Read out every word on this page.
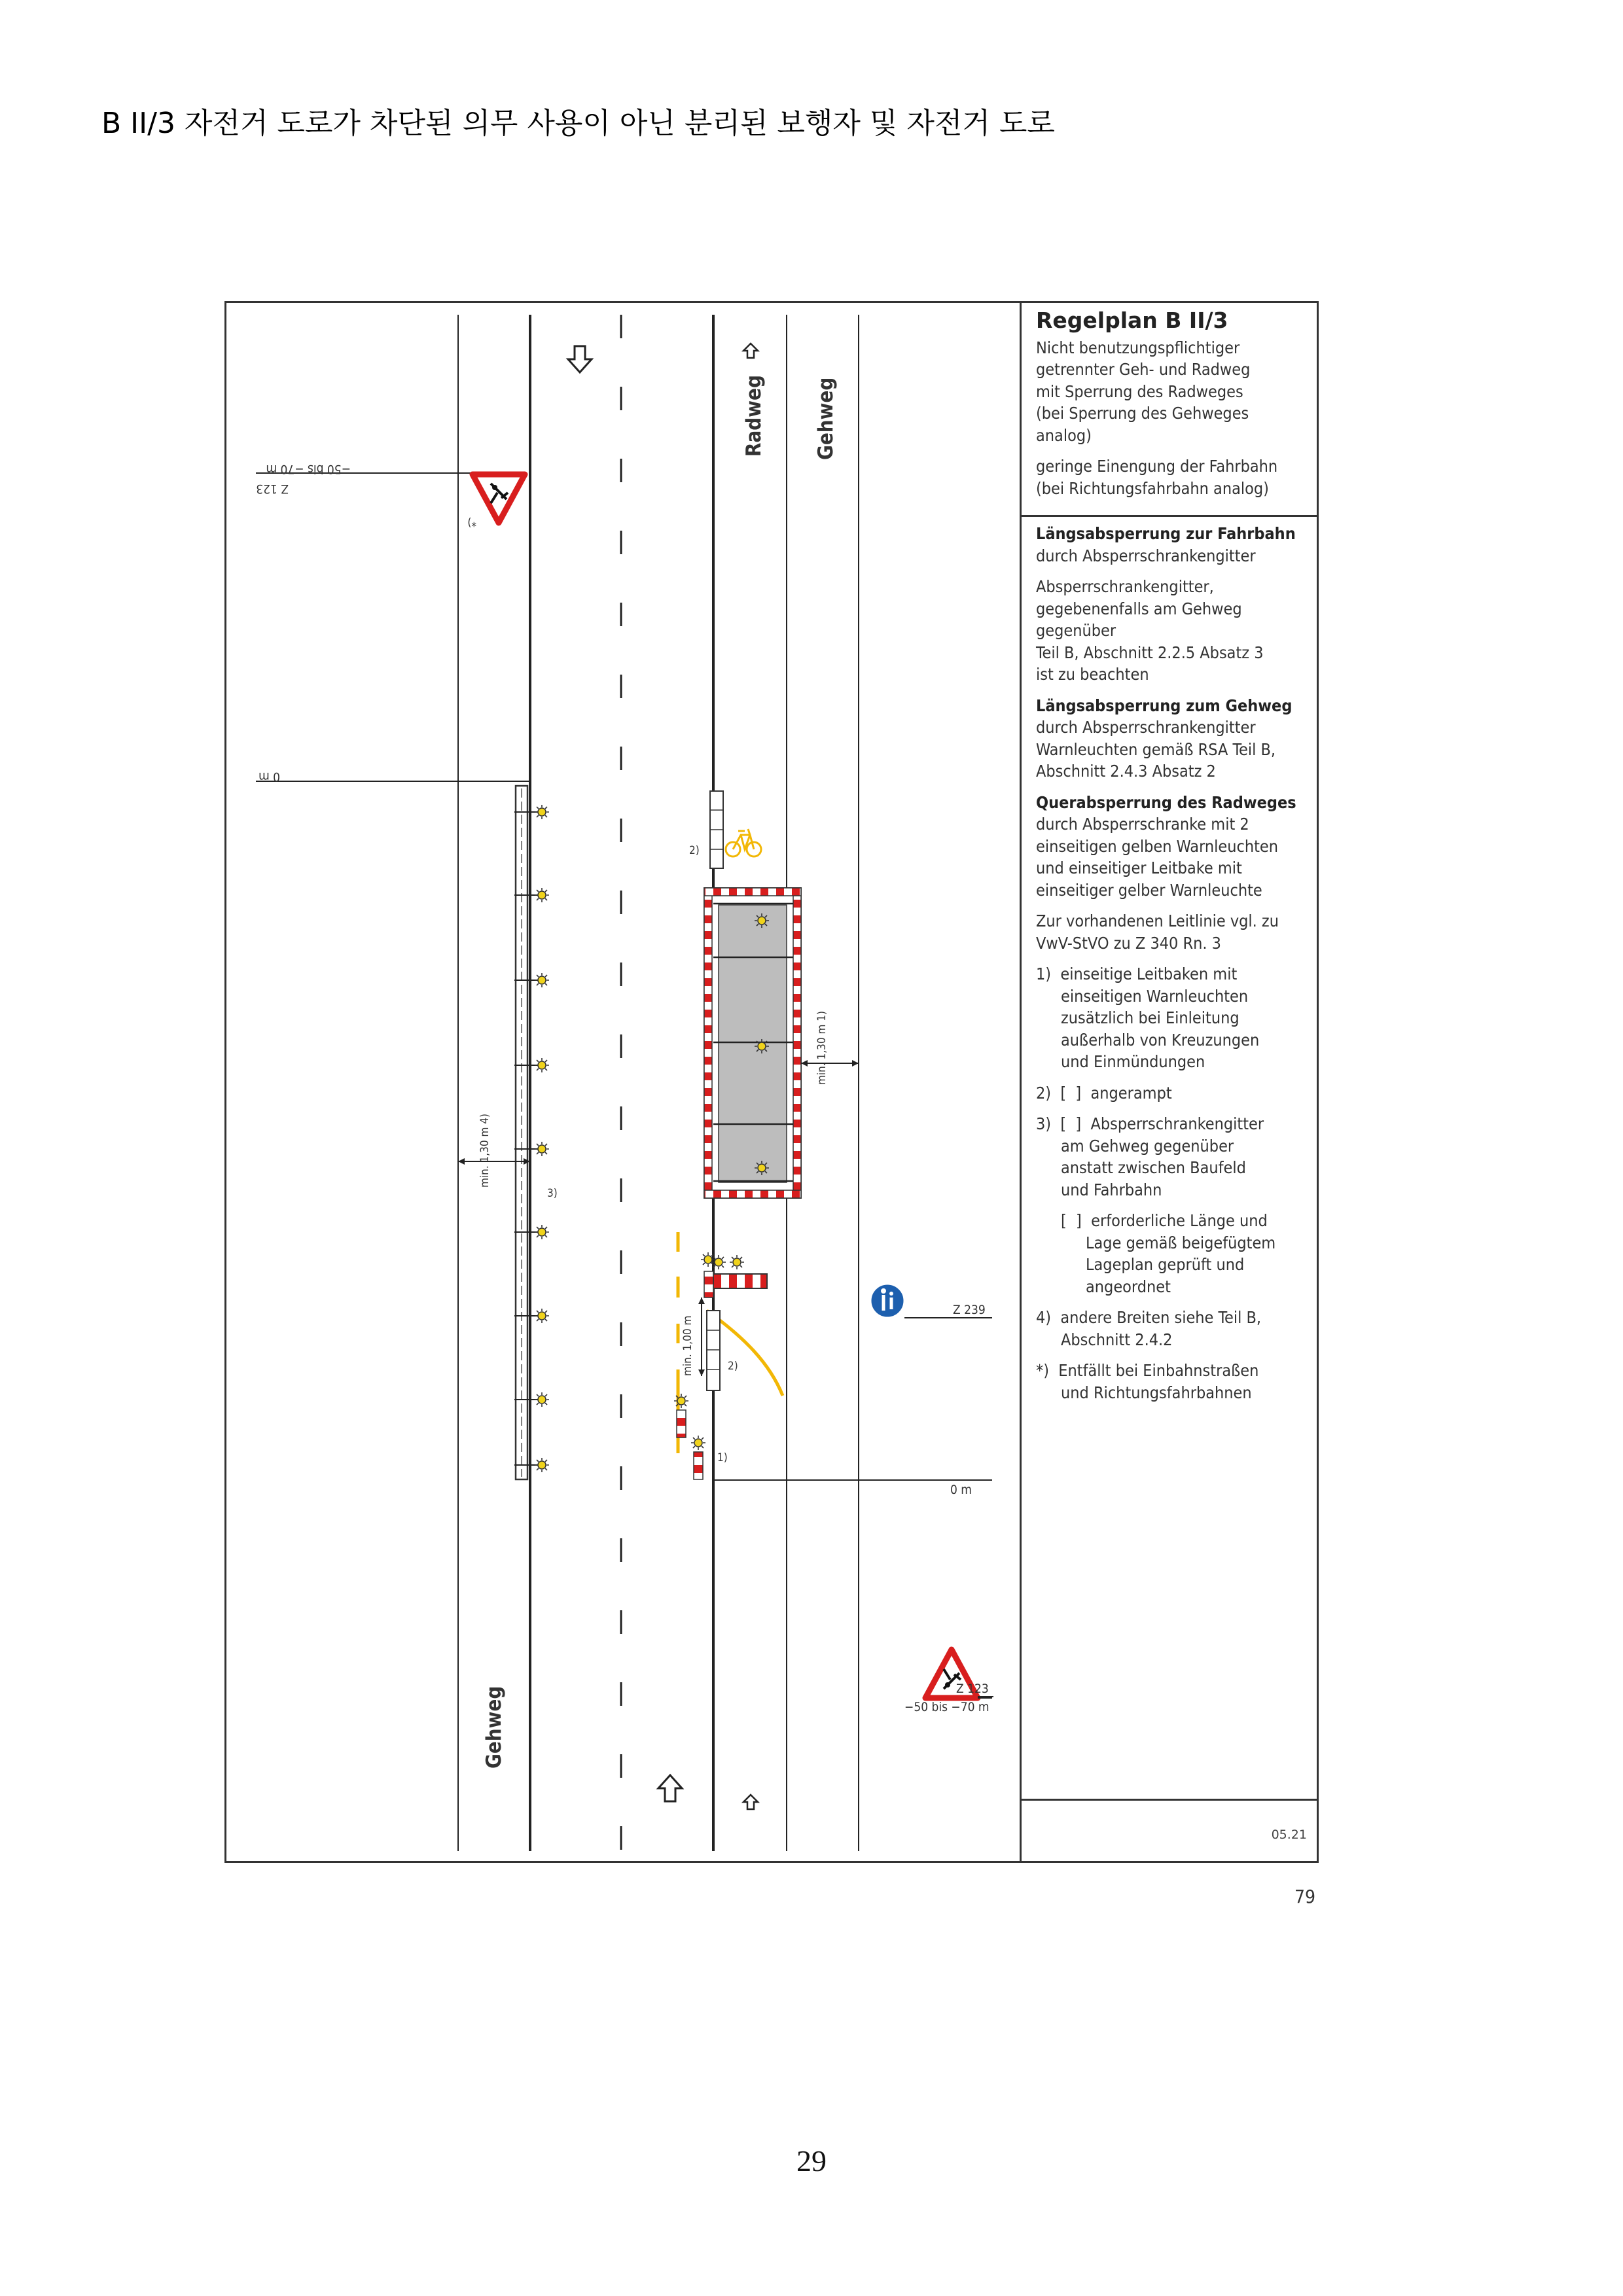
B II/3 자전거 도로가 차단된 의무 사용이 아닌 분리된 보행자 및 자전거 도로
Radweg Gehweg
Gehweg
−50 bis −70 m
Z 123
*)
0 m
0 m
min. 1,30 m 4)
3)
2)
min. 1,30 m 1)
2)
min. 1,00 m
1)
Z 239
Z 123
−50 bis −70 m
Regelplan B II/3

Nicht benutzungspflichtiger
getrennter Geh- und Radweg
mit Sperrung des Radweges
(bei Sperrung des Gehweges
analog)

geringe Einengung der Fahrbahn
(bei Richtungsfahrbahn analog)

Längsabsperrung zur Fahrbahn

durch Absperrschrankengitter

Absperrschrankengitter,
gegebenenfalls am Gehweg
gegenüber
Teil B, Abschnitt 2.2.5 Absatz 3
ist zu beachten

Längsabsperrung zum Gehweg

durch Absperrschrankengitter
Warnleuchten gemäß RSA Teil B,
Abschnitt 2.4.3 Absatz 2

Querabsperrung des Radweges

durch Absperrschranke mit 2
einseitigen gelben Warnleuchten
und einseitiger Leitbake mit
einseitiger gelber Warnleuchte

Zur vorhandenen Leitlinie vgl. zu
VwV-StVO zu Z 340 Rn. 3

1)  einseitige Leitbaken mit
einseitigen Warnleuchten
zusätzlich bei Einleitung
außerhalb von Kreuzungen
und Einmündungen

2)  [  ]  angerampt

3)  [  ]  Absperrschrankengitter
am Gehweg gegenüber
anstatt zwischen Baufeld
und Fahrbahn

[  ]  erforderliche Länge und
Lage gemäß beigefügtem
Lageplan geprüft und
angeordnet

4)  andere Breiten siehe Teil B,
Abschnitt 2.4.2

*)  Entfällt bei Einbahnstraßen
und Richtungsfahrbahnen

05.21
79
29
